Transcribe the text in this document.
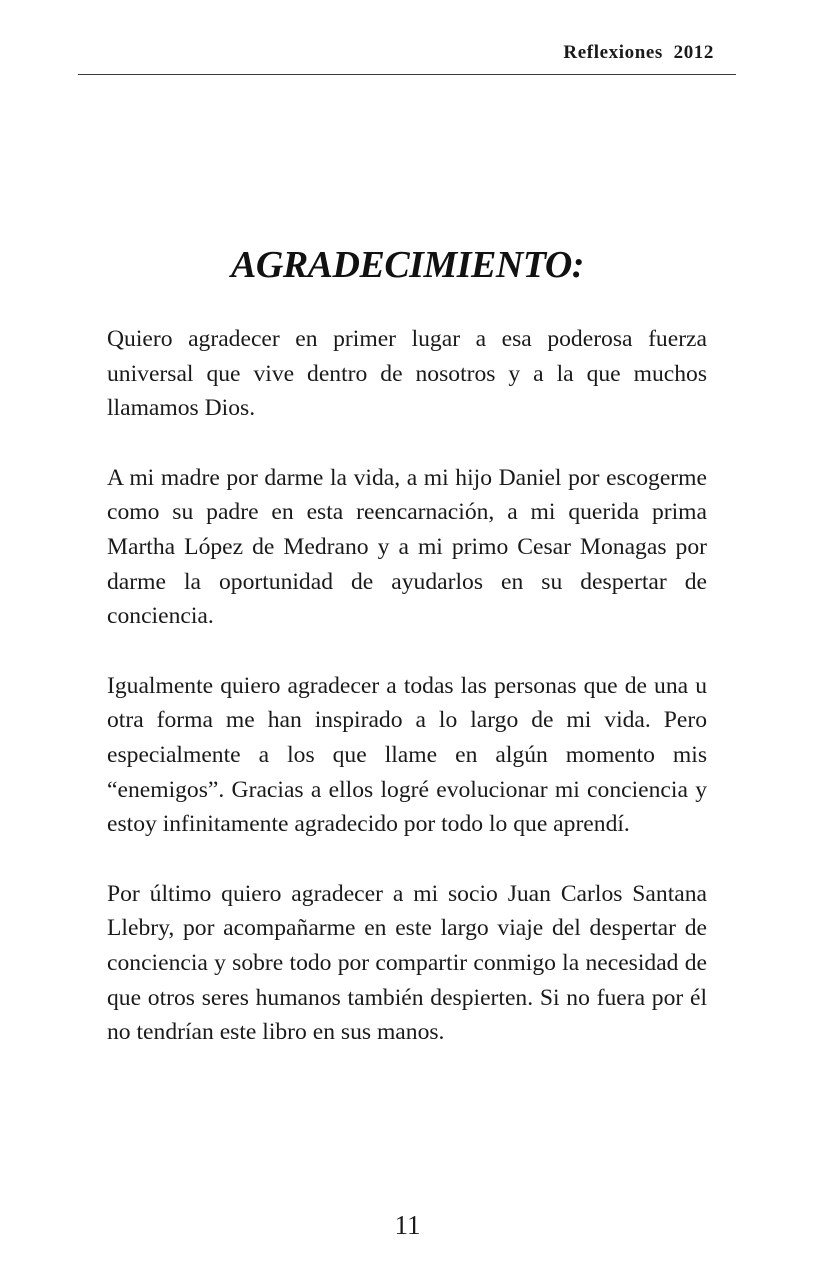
Reflexiones  2012
AGRADECIMIENTO:

Quiero agradecer en primer lugar a esa poderosa fuerza universal que vive dentro de nosotros y a la que muchos llamamos Dios.

A mi madre por darme la vida, a mi hijo Daniel por escogerme como su padre en esta reencarnación, a mi querida prima Martha López de Medrano y a mi primo Cesar Monagas por darme la oportunidad de ayudarlos en su despertar de conciencia.

Igualmente quiero agradecer a todas las personas que de una u otra forma me han inspirado a lo largo de mi vida. Pero especialmente a los que llame en algún momento mis “enemigos”. Gracias a ellos logré evolucionar mi conciencia y estoy infinitamente agradecido por todo lo que aprendí.

Por último quiero agradecer a mi socio Juan Carlos Santana Llebry, por acompañarme en este largo viaje del despertar de conciencia y sobre todo por compartir conmigo la necesidad de que otros seres humanos también despierten. Si no fuera por él no tendrían este libro en sus manos.

11
